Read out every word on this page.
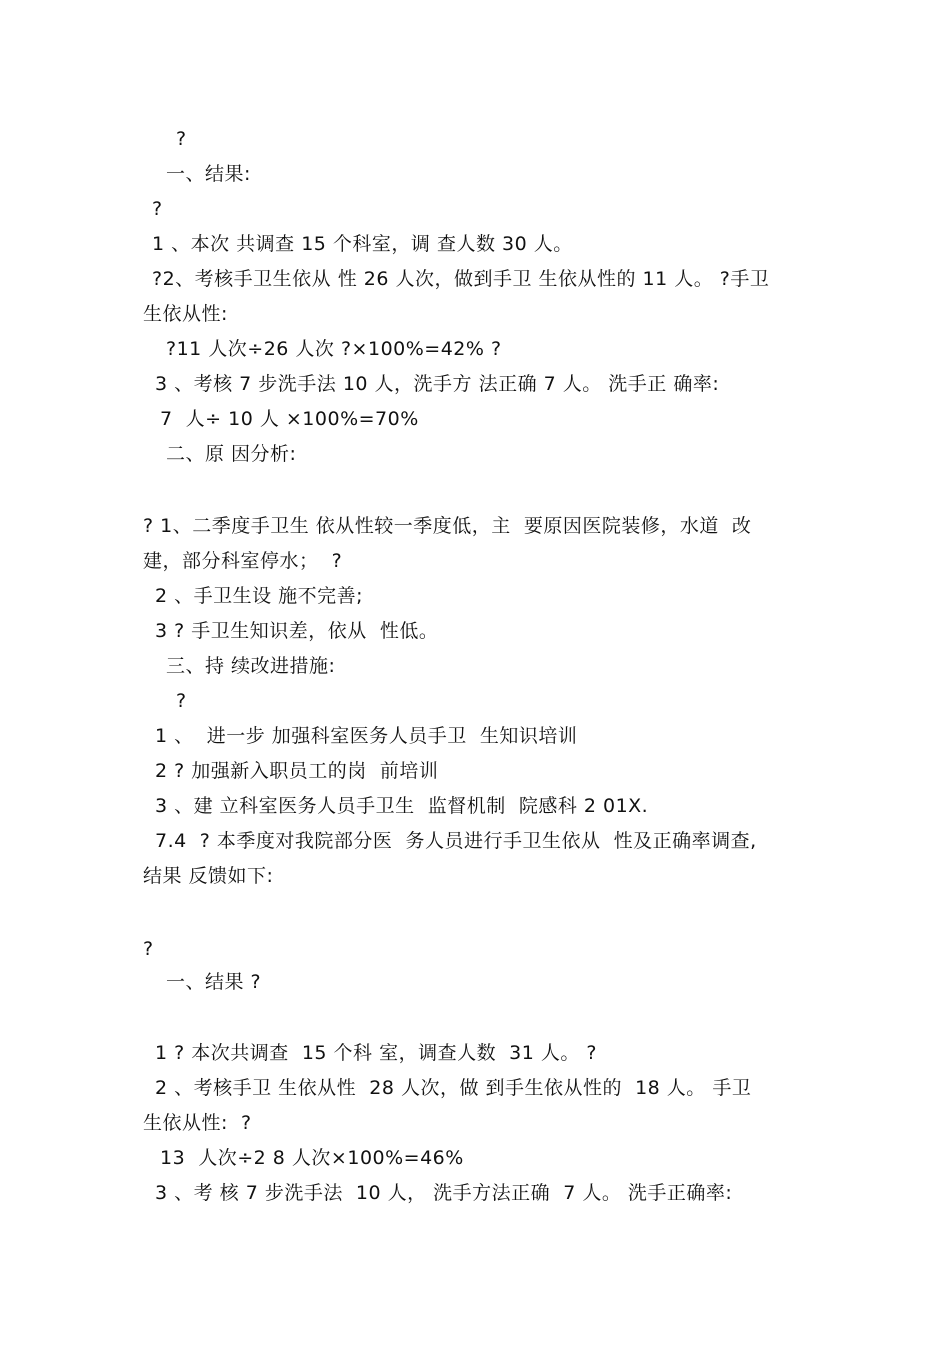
?
一、结果:
?
1 、本次 共调查 15 个科室，调 查人数 30 人。
?2、考核手卫生依从 性 26 人次，做到手卫 生依从性的 11 人。 ?手卫
生依从性:
?11 人次÷26 人次 ?×100%=42% ?
3 、考核 7 步洗手法 10 人，洗手方 法正确 7 人。 洗手正 确率:
7  人÷ 10 人 ×100%=70%
二、原 因分析:
? 1、二季度手卫生 依从性较一季度低，主  要原因医院装修，水道  改
建，部分科室停水；  ?
2 、手卫生设 施不完善;
3 ? 手卫生知识差，依从  性低。
三、持 续改进措施:
?
1 、  进一步 加强科室医务人员手卫  生知识培训
2 ? 加强新入职员工的岗  前培训
3 、建 立科室医务人员手卫生  监督机制  院感科 2 01X.
7.4  ? 本季度对我院部分医  务人员进行手卫生依从  性及正确率调查,
结果 反馈如下:
?
一、结果 ?
1 ? 本次共调查  15 个科 室，调查人数  31 人。 ?
2 、考核手卫 生依从性  28 人次，做 到手生依从性的  18 人。 手卫
生依从性:  ?
13  人次÷2 8 人次×100%=46%
3 、考 核 7 步洗手法  10 人， 洗手方法正确  7 人。 洗手正确率:
